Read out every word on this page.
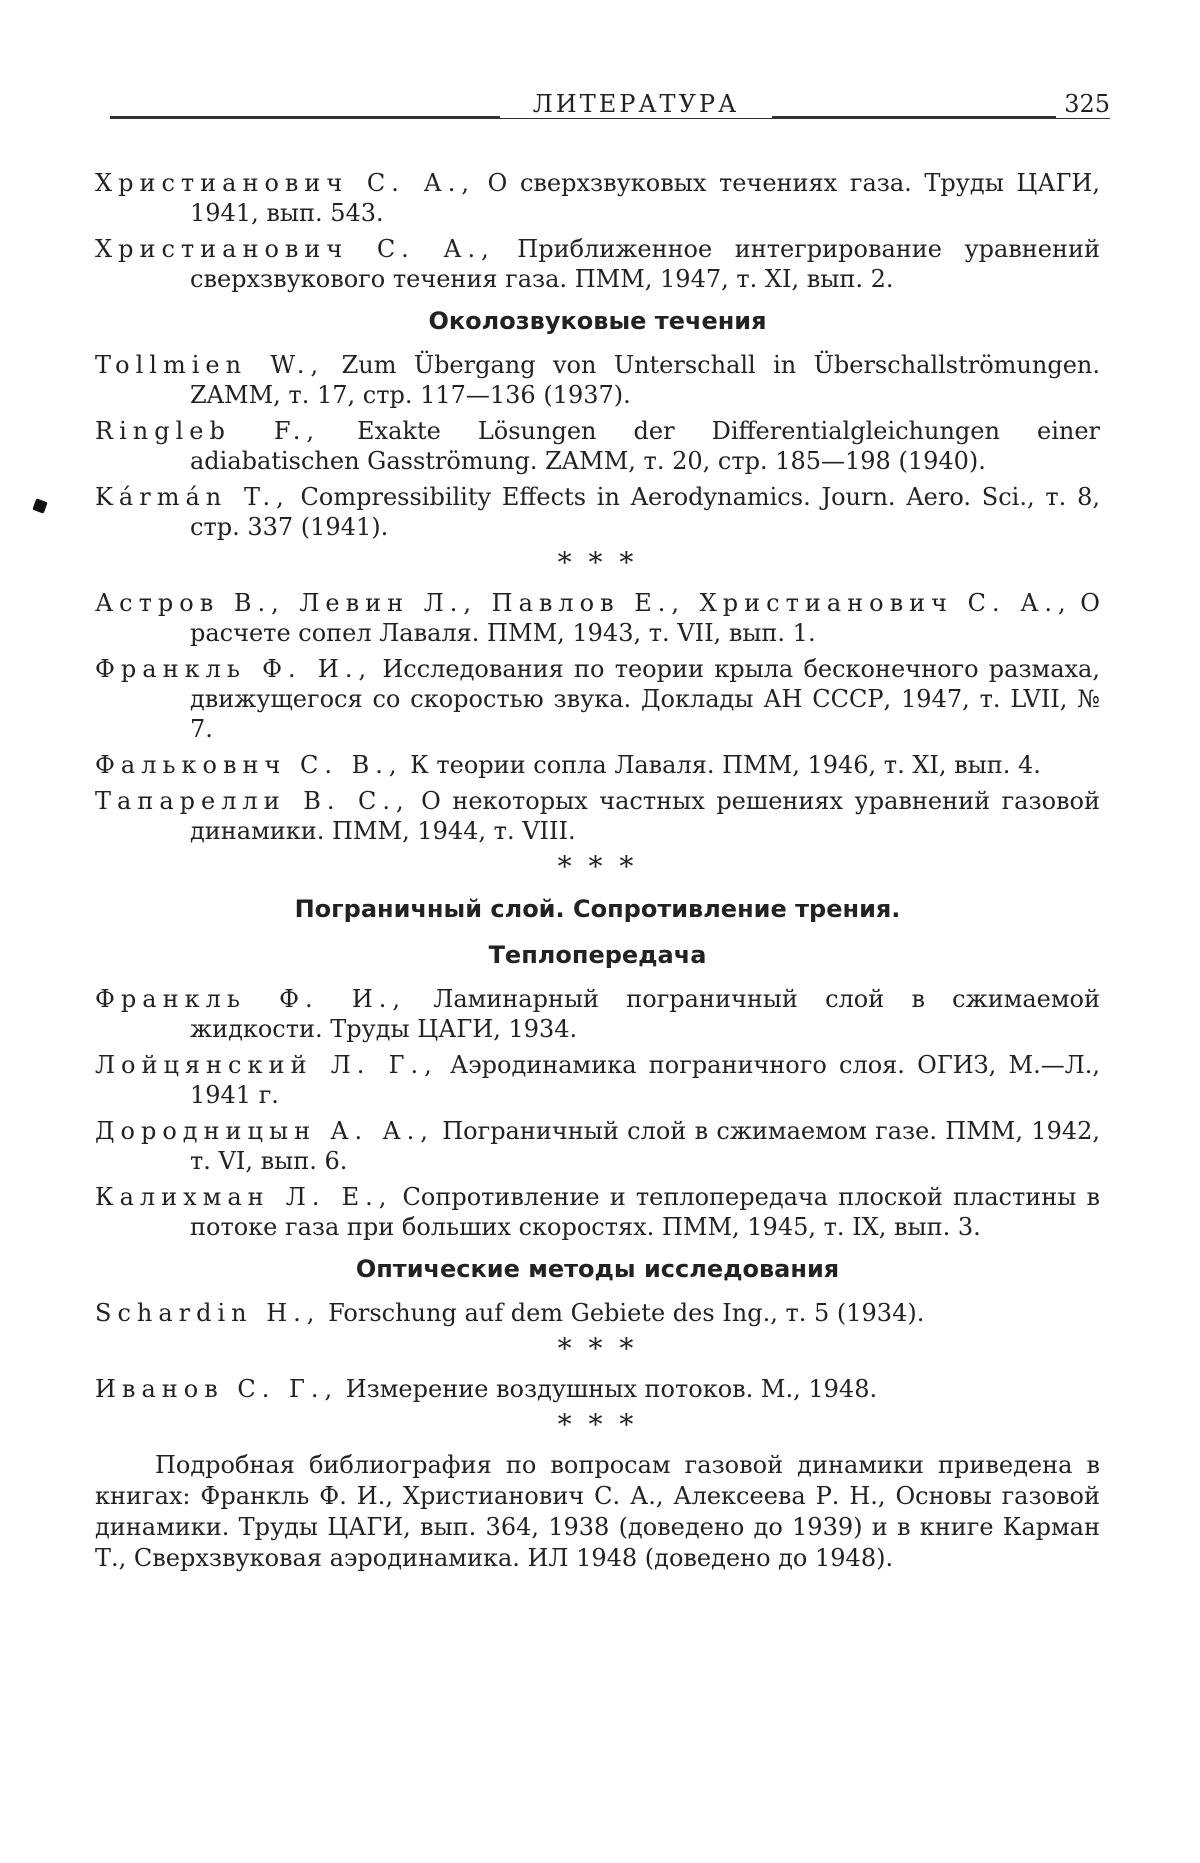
ЛИТЕРАТУРА	325

Христианович С. А., О сверхзвуковых течениях газа. Труды ЦАГИ, 1941, вып. 543.

Христианович С. А., Приближенное интегрирование уравнений сверхзвукового течения газа. ПММ, 1947, т. XI, вып. 2.

Околозвуковые течения

Tollmien W., Zum Übergang von Unterschall in Überschallströmungen. ZAMM, т. 17, стр. 117—136 (1937).

Ringleb F., Exakte Lösungen der Differentialgleichungen einer adiabatischen Gasströmung. ZAMM, т. 20, стр. 185—198 (1940).

Kármán T., Compressibility Effects in Aerodynamics. Journ. Aero. Sci., т. 8, стр. 337 (1941).

* * *

Астров В., Левин Л., Павлов Е., Христианович С. А., О расчете сопел Лаваля. ПММ, 1943, т. VII, вып. 1.

Франкль Ф. И., Исследования по теории крыла бесконечного размаха, движущегося со скоростью звука. Доклады АН СССР, 1947, т. LVII, № 7.

Фальковнч С. В., К теории сопла Лаваля. ПММ, 1946, т. XI, вып. 4.

Тапарелли В. С., О некоторых частных решениях уравнений газовой динамики. ПММ, 1944, т. VIII.

* * *
Пограничный слой. Сопротивление трения.
Теплопередача

Франкль Ф. И., Ламинарный пограничный слой в сжимаемой жидкости. Труды ЦАГИ, 1934.

Лойцянский Л. Г., Аэродинамика пограничного слоя. ОГИЗ, М.—Л., 1941 г.

Дородницын А. А., Пограничный слой в сжимаемом газе. ПММ, 1942, т. VI, вып. 6.

Калихман Л. Е., Сопротивление и теплопередача плоской пластины в потоке газа при больших скоростях. ПММ, 1945, т. IX, вып. 3.

Оптические методы исследования

Schardin H., Forschung auf dem Gebiete des Ing., т. 5 (1934).

* * *

Иванов С. Г., Измерение воздушных потоков. М., 1948.

* * *

Подробная библиография по вопросам газовой динамики приведена в книгах: Франкль Ф. И., Христианович С. А., Алексеева Р. Н., Основы газовой динамики. Труды ЦАГИ, вып. 364, 1938 (доведено до 1939) и в книге Карман Т., Сверхзвуковая аэродинамика. ИЛ 1948 (доведено до 1948).
